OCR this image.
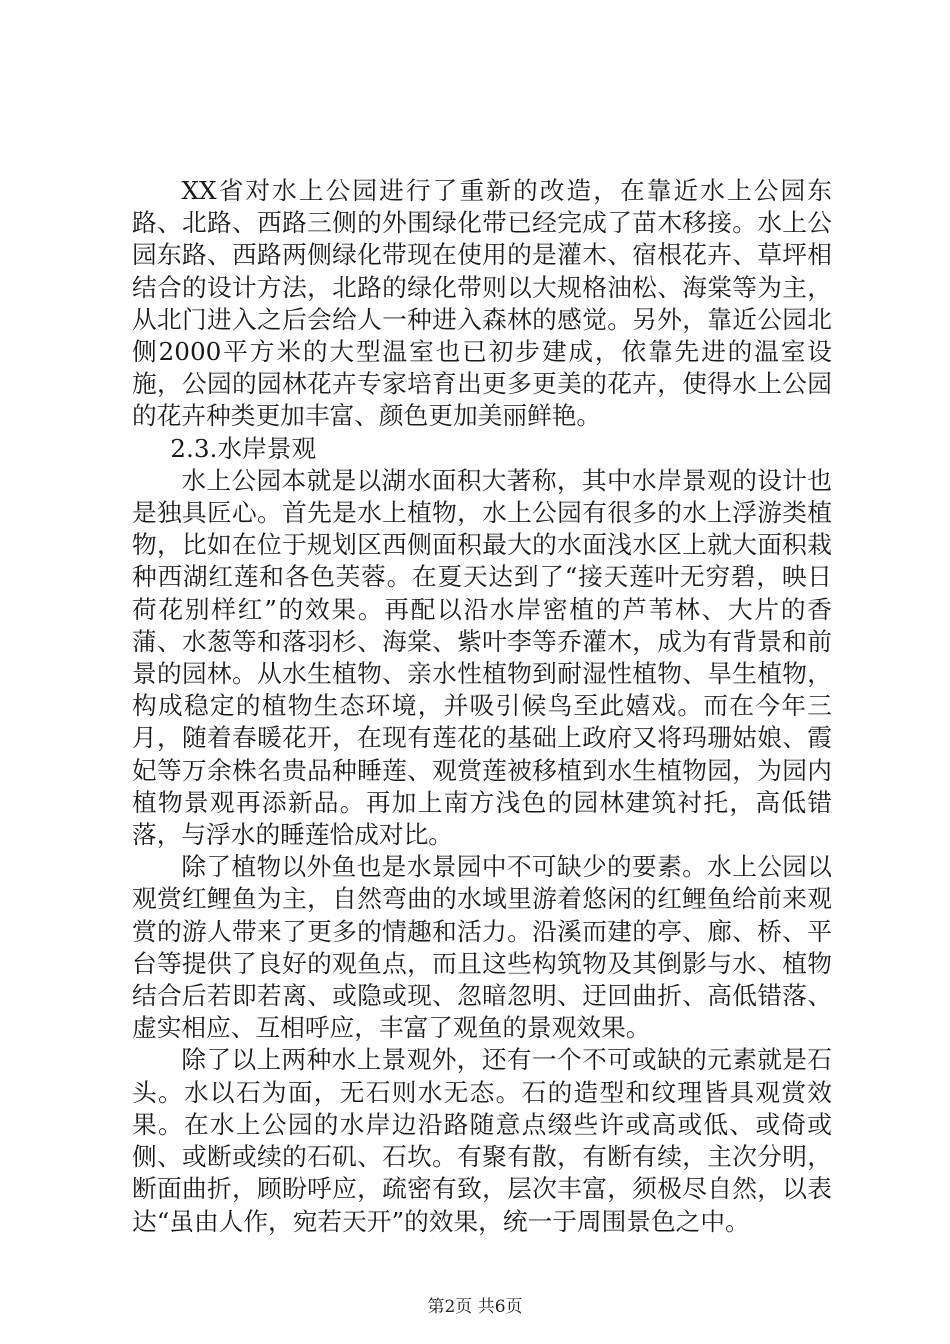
XX省对水上公园进行了重新的改造，在靠近水上公园东路、北路、西路三侧的外围绿化带已经完成了苗木移接。水上公园东路、西路两侧绿化带现在使用的是灌木、宿根花卉、草坪相结合的设计方法，北路的绿化带则以大规格油松、海棠等为主，从北门进入之后会给人一种进入森林的感觉。另外，靠近公园北侧2000平方米的大型温室也已初步建成，依靠先进的温室设施，公园的园林花卉专家培育出更多更美的花卉，使得水上公园的花卉种类更加丰富、颜色更加美丽鲜艳。

2.3.水岸景观

水上公园本就是以湖水面积大著称，其中水岸景观的设计也是独具匠心。首先是水上植物，水上公园有很多的水上浮游类植物，比如在位于规划区西侧面积最大的水面浅水区上就大面积栽种西湖红莲和各色芙蓉。在夏天达到了“接天莲叶无穷碧，映日荷花别样红”的效果。再配以沿水岸密植的芦苇林、大片的香蒲、水葱等和落羽杉、海棠、紫叶李等乔灌木，成为有背景和前景的园林。从水生植物、亲水性植物到耐湿性植物、旱生植物，构成稳定的植物生态环境，并吸引候鸟至此嬉戏。而在今年三月，随着春暖花开，在现有莲花的基础上政府又将玛珊姑娘、霞妃等万余株名贵品种睡莲、观赏莲被移植到水生植物园，为园内植物景观再添新品。再加上南方浅色的园林建筑衬托，高低错落，与浮水的睡莲恰成对比。

除了植物以外鱼也是水景园中不可缺少的要素。水上公园以观赏红鲤鱼为主，自然弯曲的水域里游着悠闲的红鲤鱼给前来观赏的游人带来了更多的情趣和活力。沿溪而建的亭、廊、桥、平台等提供了良好的观鱼点，而且这些构筑物及其倒影与水、植物结合后若即若离、或隐或现、忽暗忽明、迂回曲折、高低错落、虚实相应、互相呼应，丰富了观鱼的景观效果。

除了以上两种水上景观外，还有一个不可或缺的元素就是石头。水以石为面，无石则水无态。石的造型和纹理皆具观赏效果。在水上公园的水岸边沿路随意点缀些许或高或低、或倚或侧、或断或续的石矶、石坎。有聚有散，有断有续，主次分明，断面曲折，顾盼呼应，疏密有致，层次丰富，须极尽自然，以表达“虽由人作，宛若天开”的效果，统一于周围景色之中。

第2页 共6页
